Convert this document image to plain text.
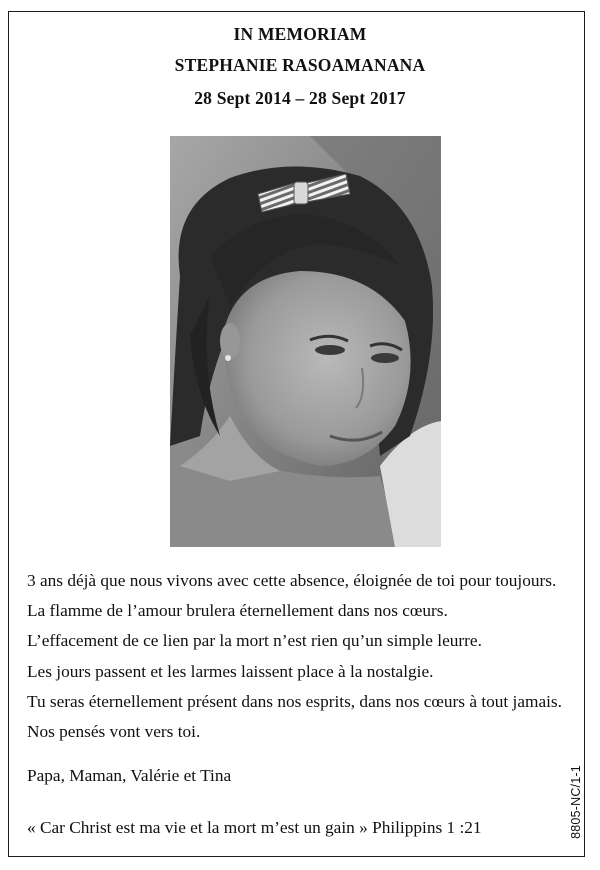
IN MEMORIAM
STEPHANIE RASOAMANANA
28 Sept 2014 – 28 Sept 2017
3 ans déjà que nous vivons avec cette absence, éloignée de toi pour toujours.
La flamme de l’amour brulera éternellement dans nos cœurs.
L’effacement de ce lien par la mort n’est rien qu’un simple leurre.
Les jours passent et les larmes laissent place à la nostalgie.
Tu seras éternellement présent dans nos esprits, dans nos cœurs à tout jamais.
Nos pensés vont vers toi.
Papa, Maman, Valérie et Tina
« Car Christ est ma vie et la mort m’est un gain » Philippins 1 :21	8805-NC/1-1
